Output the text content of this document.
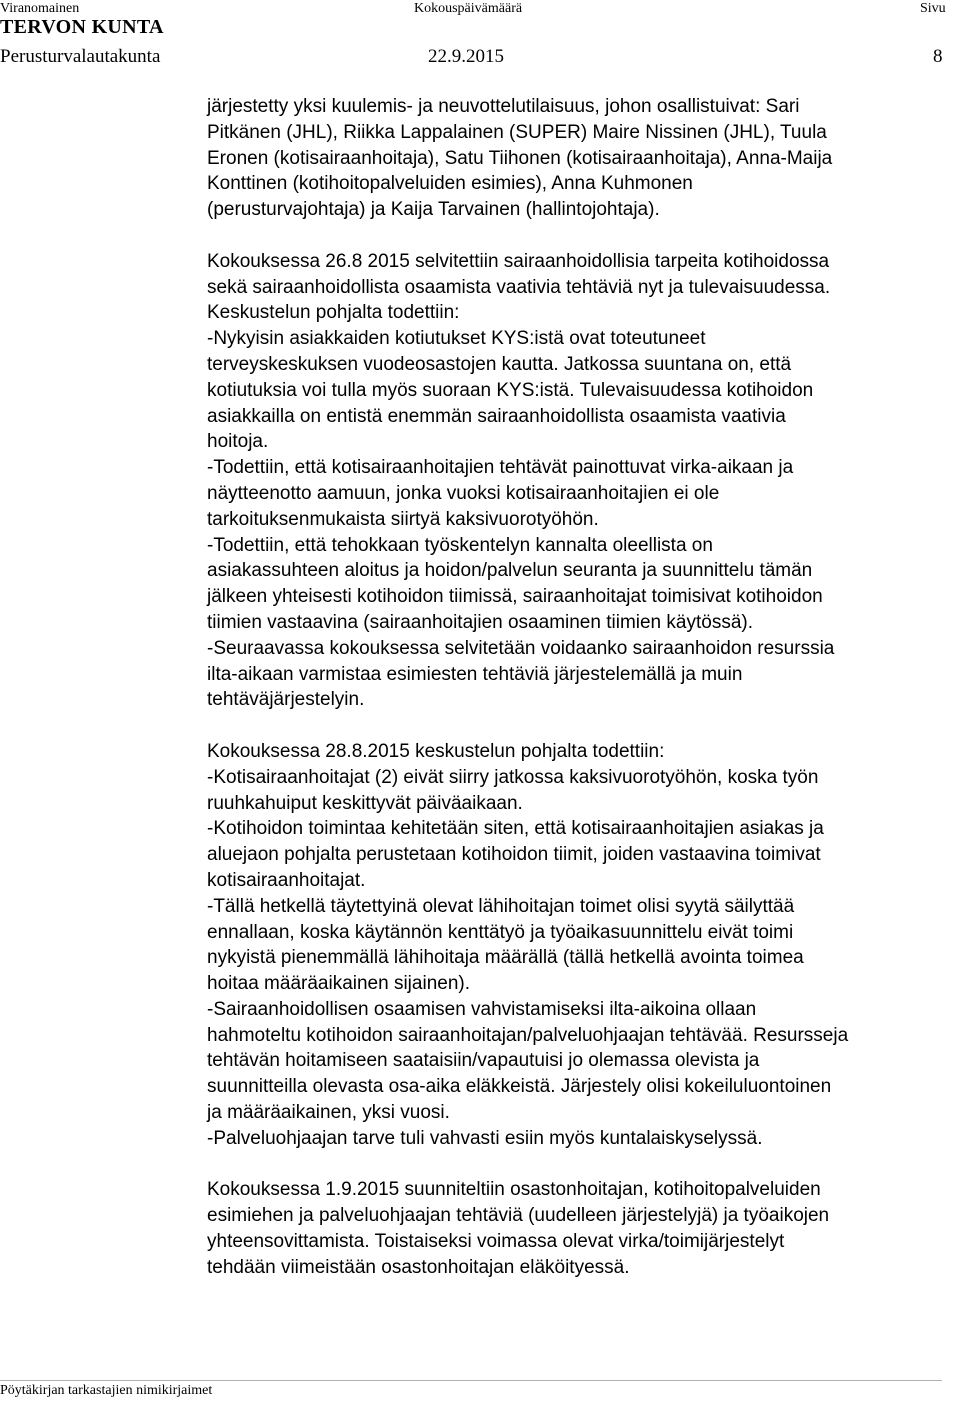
Viranomainen	Kokouspäivämäärä	Sivu
TERVON KUNTA
Perusturvalautakunta	22.9.2015	8
järjestetty yksi kuulemis- ja neuvottelutilaisuus, johon osallistuivat: Sari
Pitkänen (JHL), Riikka Lappalainen (SUPER) Maire Nissinen (JHL), Tuula
Eronen (kotisairaanhoitaja), Satu Tiihonen (kotisairaanhoitaja), Anna-Maija
Konttinen (kotihoitopalveluiden esimies), Anna Kuhmonen
(perusturvajohtaja) ja Kaija Tarvainen (hallintojohtaja).
Kokouksessa 26.8 2015 selvitettiin sairaanhoidollisia tarpeita kotihoidossa
sekä sairaanhoidollista osaamista vaativia tehtäviä nyt ja tulevaisuudessa.
Keskustelun pohjalta todettiin:
-Nykyisin asiakkaiden kotiutukset KYS:istä ovat toteutuneet
terveyskeskuksen vuodeosastojen kautta. Jatkossa suuntana on, että
kotiutuksia voi tulla myös suoraan KYS:istä. Tulevaisuudessa kotihoidon
asiakkailla on entistä enemmän sairaanhoidollista osaamista vaativia
hoitoja.
-Todettiin, että kotisairaanhoitajien tehtävät painottuvat virka-aikaan ja
näytteenotto aamuun, jonka vuoksi kotisairaanhoitajien ei ole
tarkoituksenmukaista siirtyä kaksivuorotyöhön.
-Todettiin, että tehokkaan työskentelyn kannalta oleellista on
asiakassuhteen aloitus ja hoidon/palvelun seuranta ja suunnittelu tämän
jälkeen yhteisesti kotihoidon tiimissä, sairaanhoitajat toimisivat kotihoidon
tiimien vastaavina (sairaanhoitajien osaaminen tiimien käytössä).
-Seuraavassa kokouksessa selvitetään voidaanko sairaanhoidon resurssia
ilta-aikaan varmistaa esimiesten tehtäviä järjestelemällä ja muin
tehtäväjärjestelyin.
Kokouksessa 28.8.2015 keskustelun pohjalta todettiin:
-Kotisairaanhoitajat (2) eivät siirry jatkossa kaksivuorotyöhön, koska työn
ruuhkahuiput keskittyvät päiväaikaan.
-Kotihoidon toimintaa kehitetään siten, että kotisairaanhoitajien asiakas ja
aluejaon pohjalta perustetaan kotihoidon tiimit, joiden vastaavina toimivat
kotisairaanhoitajat.
-Tällä hetkellä täytettyinä olevat lähihoitajan toimet olisi syytä säilyttää
ennallaan, koska käytännön kenttätyö ja työaikasuunnittelu eivät toimi
nykyistä pienemmällä lähihoitaja määrällä (tällä hetkellä avointa toimea
hoitaa määräaikainen sijainen).
-Sairaanhoidollisen osaamisen vahvistamiseksi ilta-aikoina ollaan
hahmoteltu kotihoidon sairaanhoitajan/palveluohjaajan tehtävää. Resursseja
tehtävän hoitamiseen saataisiin/vapautuisi jo olemassa olevista ja
suunnitteilla olevasta osa-aika eläkkeistä. Järjestely olisi kokeiluluontoinen
ja määräaikainen, yksi vuosi.
-Palveluohjaajan tarve tuli vahvasti esiin myös kuntalaiskyselyssä.
Kokouksessa 1.9.2015 suunniteltiin osastonhoitajan, kotihoitopalveluiden
esimiehen ja palveluohjaajan tehtäviä (uudelleen järjestelyjä) ja työaikojen
yhteensovittamista. Toistaiseksi voimassa olevat virka/toimijärjestelyt
tehdään viimeistään osastonhoitajan eläköityessä.
Pöytäkirjan tarkastajien nimikirjaimet
